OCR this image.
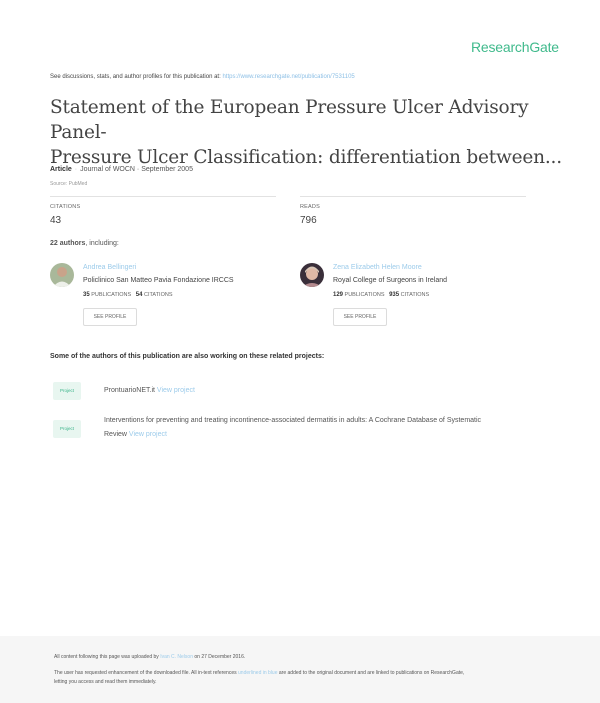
ResearchGate
See discussions, stats, and author profiles for this publication at: https://www.researchgate.net/publication/7531105
Statement of the European Pressure Ulcer Advisory Panel-
Pressure Ulcer Classification: differentiation between...
Article · Journal of WOCN · September 2005
Source: PubMed
CITATIONS
43
READS
796
22 authors, including:
Andrea Bellingeri
Policlinico San Matteo Pavia Fondazione IRCCS
35 PUBLICATIONS 54 CITATIONS
SEE PROFILE
Zena Elizabeth Helen Moore
Royal College of Surgeons in Ireland
129 PUBLICATIONS 935 CITATIONS
SEE PROFILE
Some of the authors of this publication are also working on these related projects:
Project	ProntuarioNET.it View project
Project
Interventions for preventing and treating incontinence-associated dermatitis in adults: A Cochrane Database of Systematic
Review View project
All content following this page was uploaded by Ivan C. Nelson on 27 December 2016.
The user has requested enhancement of the downloaded file. All in-text references underlined in blue are added to the original document and are linked to publications on ResearchGate, letting you access and read them immediately.
